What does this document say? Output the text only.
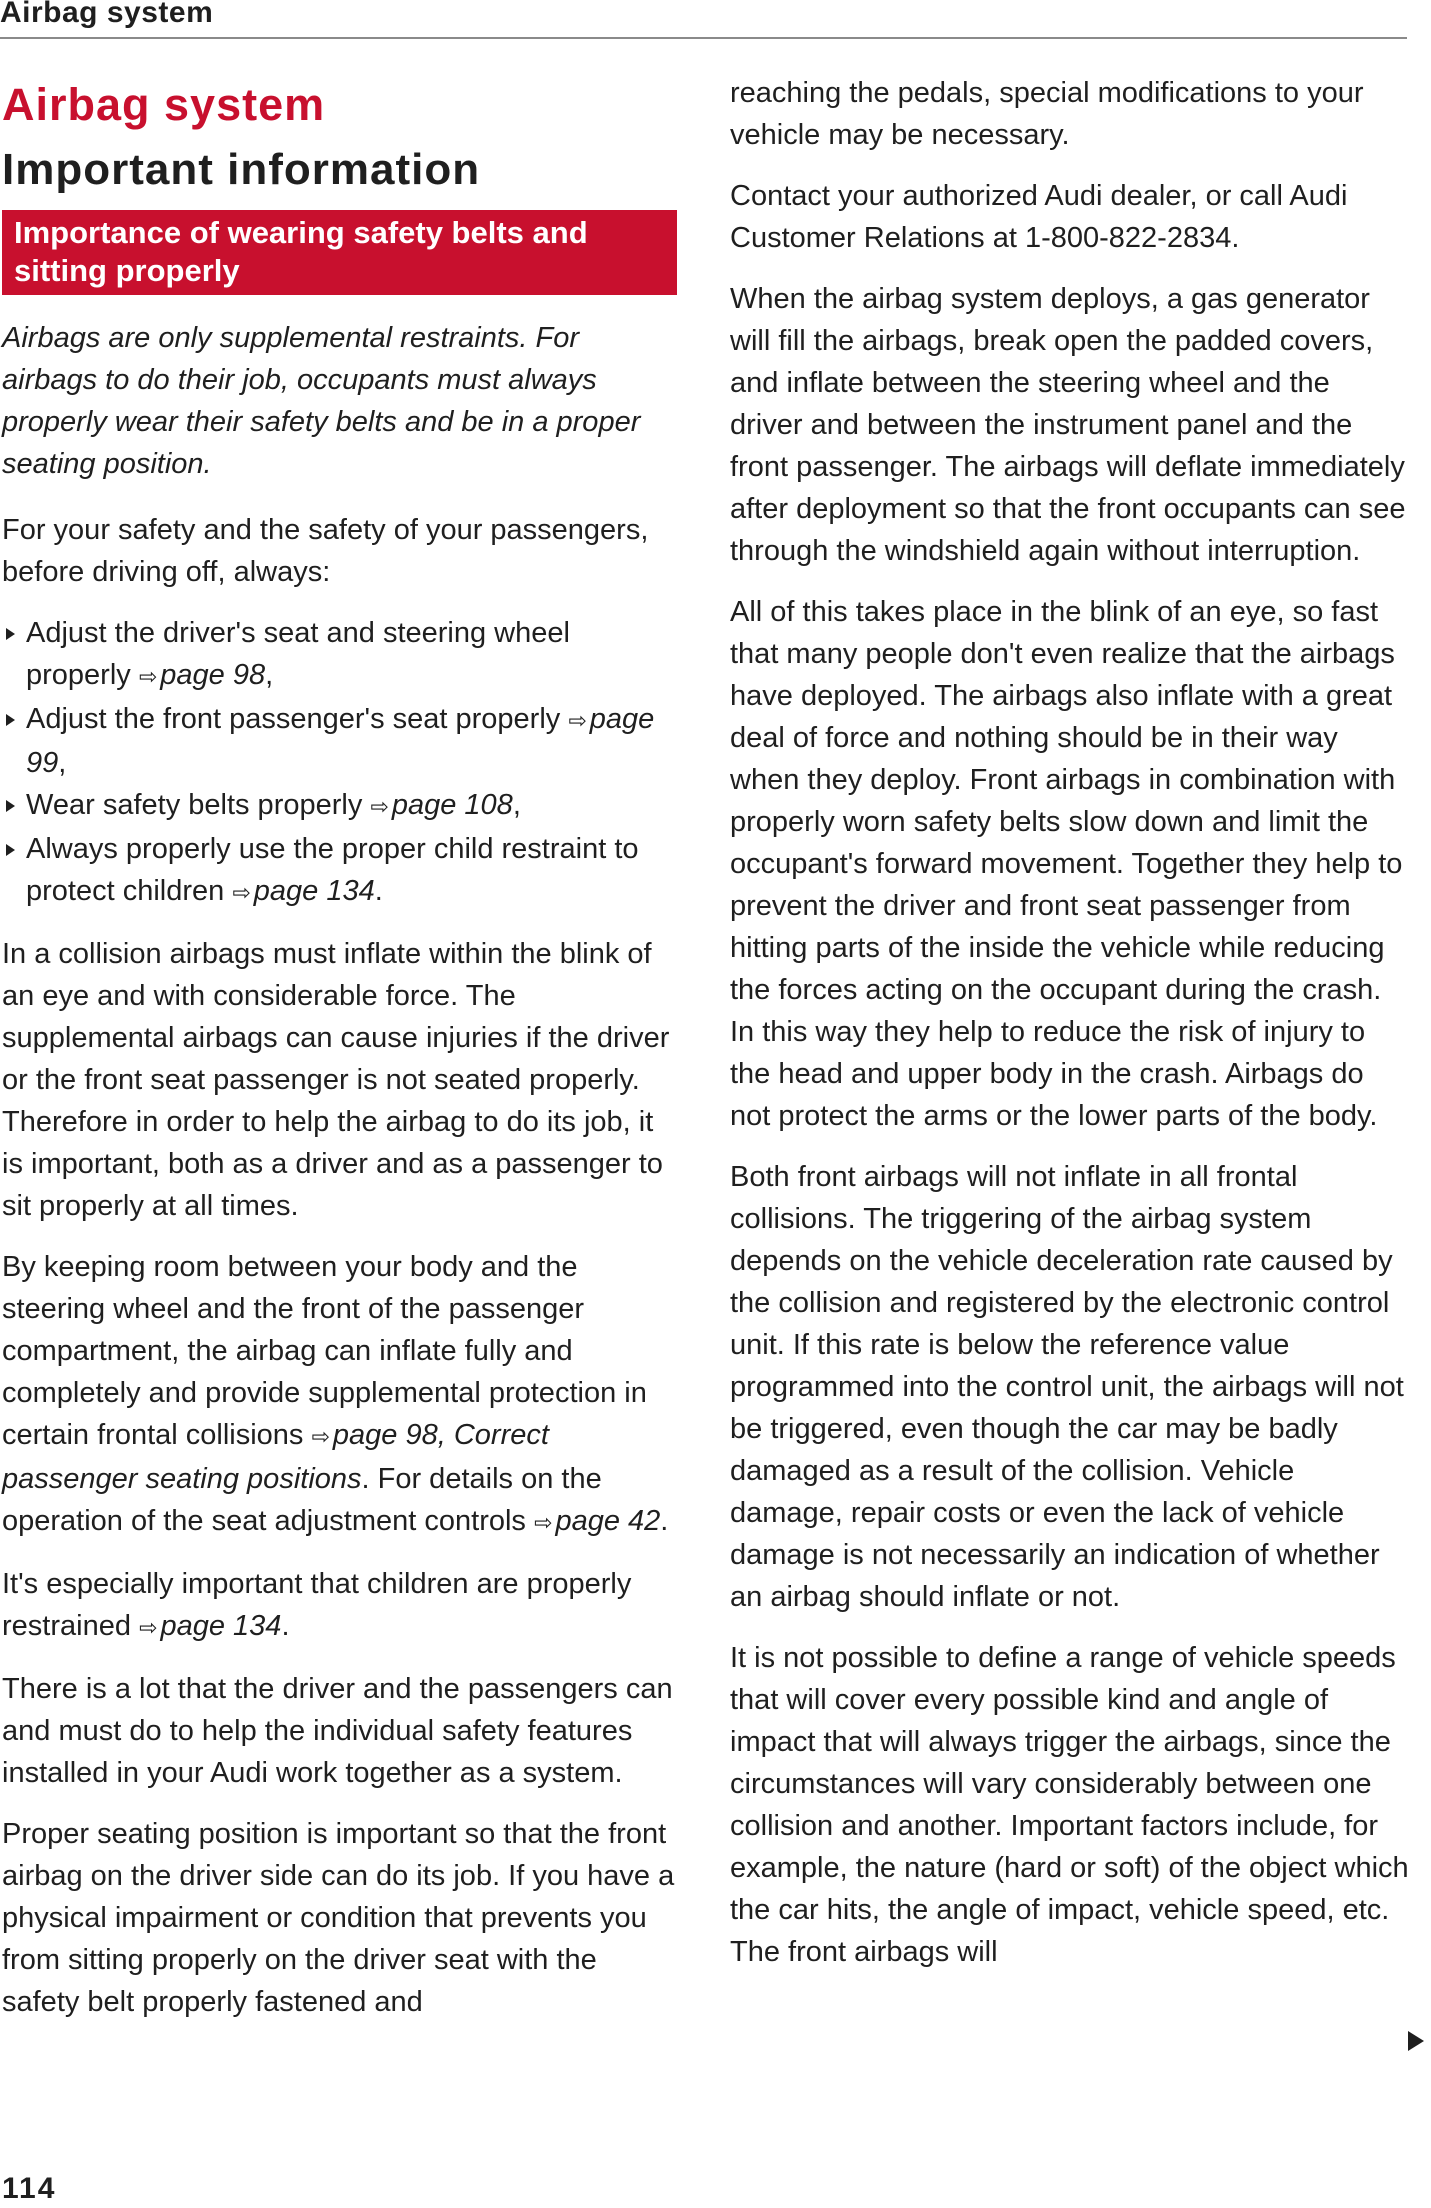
Airbag system
Airbag system
Important information
Importance of wearing safety belts and sitting properly

Airbags are only supplemental restraints. For airbags to do their job, occupants must always properly wear their safety belts and be in a proper seating position.

For your safety and the safety of your passengers, before driving off, always:

Adjust the driver's seat and steering wheel properly ⇨ page 98,
Adjust the front passenger's seat properly ⇨ page 99,
Wear safety belts properly ⇨ page 108,
Always properly use the proper child restraint to protect children ⇨ page 134.

In a collision airbags must inflate within the blink of an eye and with considerable force. The supplemental airbags can cause injuries if the driver or the front seat passenger is not seated properly. Therefore in order to help the airbag to do its job, it is important, both as a driver and as a passenger to sit properly at all times.

By keeping room between your body and the steering wheel and the front of the passenger compartment, the airbag can inflate fully and completely and provide supplemental protection in certain frontal collisions ⇨ page 98, Correct passenger seating positions. For details on the operation of the seat adjustment controls ⇨ page 42.

It's especially important that children are properly restrained ⇨ page 134.

There is a lot that the driver and the passengers can and must do to help the individual safety features installed in your Audi work together as a system.

Proper seating position is important so that the front airbag on the driver side can do its job. If you have a physical impairment or condition that prevents you from sitting properly on the driver seat with the safety belt properly fastened and

reaching the pedals, special modifications to your vehicle may be necessary.

Contact your authorized Audi dealer, or call Audi Customer Relations at 1-800-822-2834.

When the airbag system deploys, a gas generator will fill the airbags, break open the padded covers, and inflate between the steering wheel and the driver and between the instrument panel and the front passenger. The airbags will deflate immediately after deployment so that the front occupants can see through the windshield again without interruption.

All of this takes place in the blink of an eye, so fast that many people don't even realize that the airbags have deployed. The airbags also inflate with a great deal of force and nothing should be in their way when they deploy. Front airbags in combination with properly worn safety belts slow down and limit the occupant's forward movement. Together they help to prevent the driver and front seat passenger from hitting parts of the inside the vehicle while reducing the forces acting on the occupant during the crash. In this way they help to reduce the risk of injury to the head and upper body in the crash. Airbags do not protect the arms or the lower parts of the body.

Both front airbags will not inflate in all frontal collisions. The triggering of the airbag system depends on the vehicle deceleration rate caused by the collision and registered by the electronic control unit. If this rate is below the reference value programmed into the control unit, the airbags will not be triggered, even though the car may be badly damaged as a result of the collision. Vehicle damage, repair costs or even the lack of vehicle damage is not necessarily an indication of whether an airbag should inflate or not.

It is not possible to define a range of vehicle speeds that will cover every possible kind and angle of impact that will always trigger the airbags, since the circumstances will vary considerably between one collision and another. Important factors include, for example, the nature (hard or soft) of the object which the car hits, the angle of impact, vehicle speed, etc. The front airbags will

114
